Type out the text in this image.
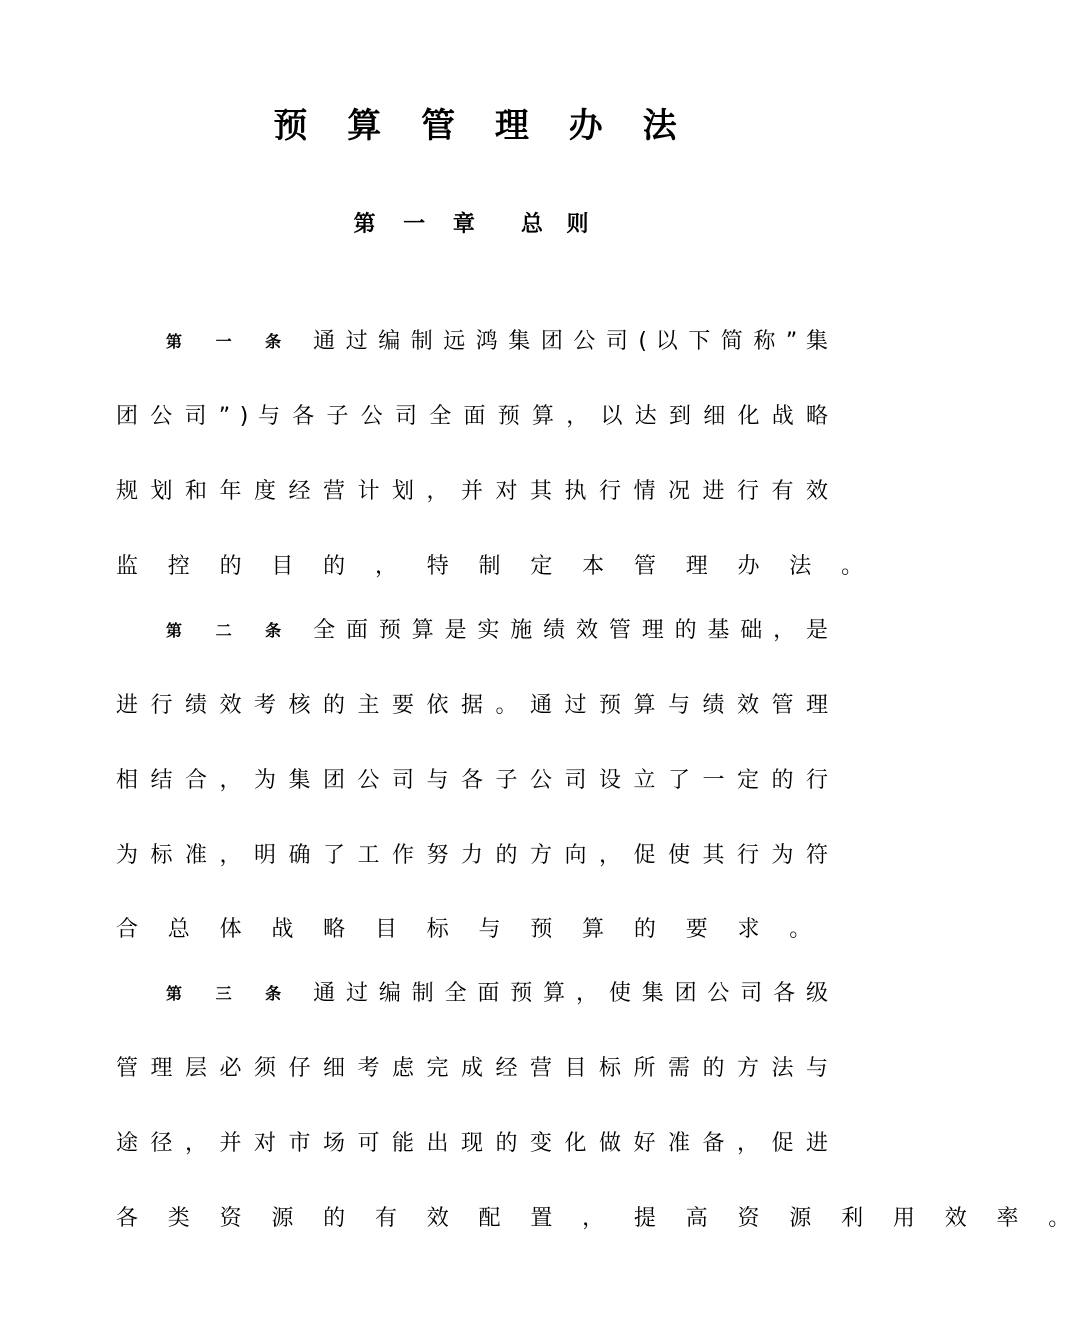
预 算 管 理 办 法
第 一 章 总 则
第 一 条 通 过 编 制 远 鸿 集 团 公 司 ( 以 下 简 称 ” 集
团 公 司 ” ) 与 各 子 公 司 全 面 预 算 ， 以 达 到 细 化 战 略
规 划 和 年 度 经 营 计 划 ， 并 对 其 执 行 情 况 进 行 有 效
监 控 的 目 的 ， 特 制 定 本 管 理 办 法 。
第 二 条 全 面 预 算 是 实 施 绩 效 管 理 的 基 础 ， 是
进 行 绩 效 考 核 的 主 要 依 据 。 通 过 预 算 与 绩 效 管 理
相 结 合 ， 为 集 团 公 司 与 各 子 公 司 设 立 了 一 定 的 行
为 标 准 ， 明 确 了 工 作 努 力 的 方 向 ， 促 使 其 行 为 符
合 总 体 战 略 目 标 与 预 算 的 要 求 。
第 三 条 通 过 编 制 全 面 预 算 ， 使 集 团 公 司 各 级
管 理 层 必 须 仔 细 考 虑 完 成 经 营 目 标 所 需 的 方 法 与
途 径 ， 并 对 市 场 可 能 出 现 的 变 化 做 好 准 备 ， 促 进
各 类 资 源 的 有 效 配 置 ， 提 高 资 源 利 用 效 率 。
